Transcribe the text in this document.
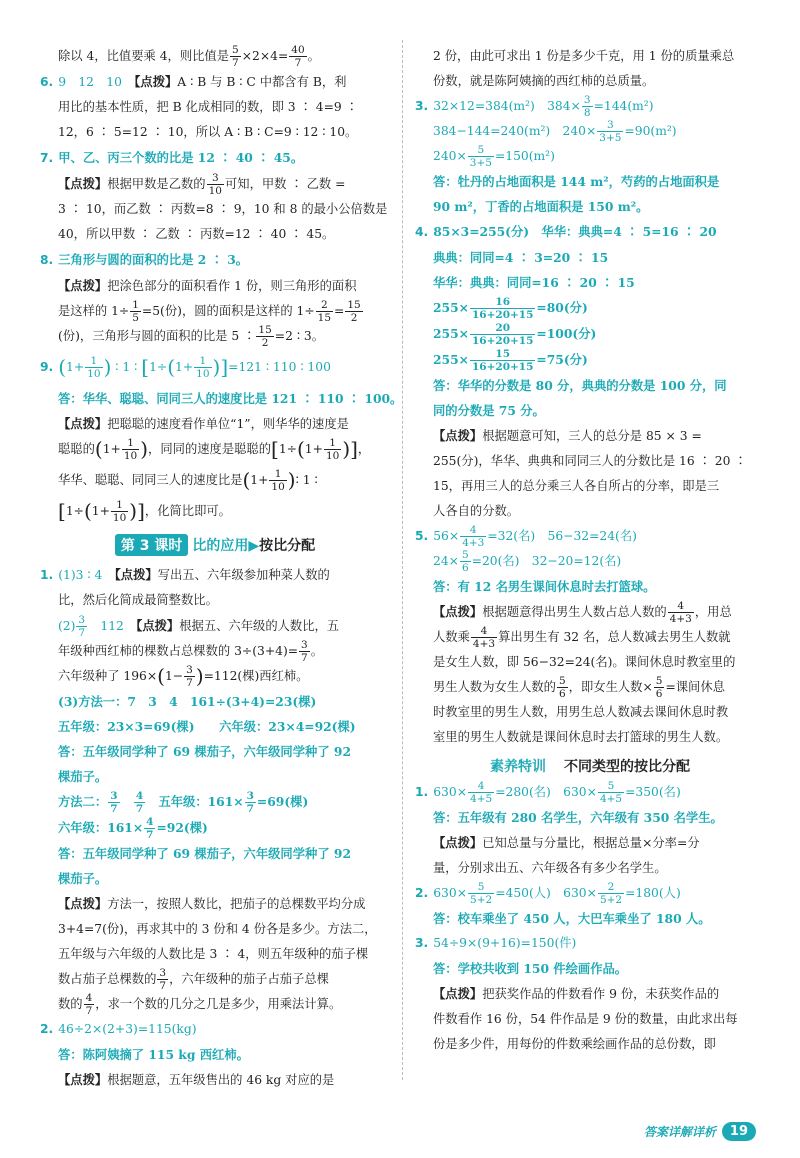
除以 4，比值要乘 4，则比值是 $\frac{5}{7} \times 2\times 4= \frac{40}{7}$ 。

6. 9　12　10　【点拨】A ∶ B 与 B ∶ C 中都含有 B，利

用比的基本性质，把 B 化成相同的数，即 3 ∶ 4=9 ∶

12，6 ∶ 5=12 ∶ 10，所以 A ∶ B ∶ C=9 ∶ 12 ∶ 10。

7. 甲、乙、丙三个数的比是 12 ∶ 40 ∶ 45。

【点拨】根据甲数是乙数的 $\frac{3}{10}$ 可知，甲数 ∶ 乙数 =

3 ∶ 10，而乙数 ∶ 丙数=8 ∶ 9，10 和 8 的最小公倍数是

40，所以甲数 ∶ 乙数 ∶ 丙数=12 ∶ 40 ∶ 45。

8. 三角形与圆的面积的比是 2 ∶ 3。

【点拨】把涂色部分的面积看作 1 份，则三角形的面积

是这样的 $1\div \frac{1}{5} =5$(份)，圆的面积是这样的 $1\div \frac{2}{15} = \frac{15}{2}$

(份)，三角形与圆的面积的比是 5 ∶ $\frac{15}{2} =2$ ∶ 3。

9. ($1+ \frac{1}{10}$ ) ∶ 1 ∶ $[1\div(1+ \frac{1}{10} )]=121$ ∶ 110 ∶ 100

答：华华、聪聪、同同三人的速度比是 121 ∶ 110 ∶ 100。

【点拨】把聪聪的速度看作单位“1”，则华华的速度是

聪聪的($1+ \frac{1}{10}$ )，同同的速度是聪聪的[$1\div(1+ \frac{1}{10}$ )]，

华华、聪聪、同同三人的速度比是($1+ \frac{1}{10}$ )∶ 1 ∶

[$1\div(1+ \frac{1}{10}$ )]，化简比即可。

第 3 课时 比的应用▶按比分配

1. (1)3 ∶ 4　【点拨】写出五、六年级参加种菜人数的

比，然后化简成最简整数比。

$(2) \frac{3}{7}$ 　112　【点拨】根据五、六年级的人数比，五

年级种西红柿的棵数占总棵数的 $3\div(3+4)= \frac{3}{7}$ 。

六年级种了 $196\times(1- \frac{3}{7} )=112$(棵)西红柿。

(3)方法一：7　3　4　161÷(3+4)=23(棵)

五年级：23×3=69(棵)　　六年级：23×4=92(棵)

答：五年级同学种了 69 棵茄子，六年级同学种了 92

棵茄子。

方法二： $\frac{3}{7}$
　 $\frac{4}{7}$ 　五年级：$161\times \frac{3}{7} =69$(棵)

六年级：$161\times \frac{4}{7} =92$(棵)

答：五年级同学种了 69 棵茄子，六年级同学种了 92

棵茄子。

【点拨】方法一，按照人数比，把茄子的总棵数平均分成

3+4=7(份)，再求其中的 3 份和 4 份各是多少。方法二，

五年级与六年级的人数比是 3 ∶ 4，则五年级种的茄子棵

数占茄子总棵数的 $\frac{3}{7}$ ，六年级种的茄子占茄子总棵

数的 $\frac{4}{7}$ ，求一个数的几分之几是多少，用乘法计算。

2. 46÷2×(2+3)=115(kg)

答：陈阿姨摘了 115 kg 西红柿。

【点拨】根据题意，五年级售出的 46 kg 对应的是

2 份，由此可求出 1 份是多少千克，用 1 份的质量乘总

份数，就是陈阿姨摘的西红柿的总质量。

3. 32×12=384(m²)　$384\times \frac{3}{8} =144(m^2)$

384−144=240(m²)　$240\times \frac{3}{3+5} =90(m^2)$

$240\times \frac{5}{3+5} =150(m^2)$

答：牡丹的占地面积是 144 m²，芍药的占地面积是

90 m²，丁香的占地面积是 150 m²。

4. 85×3=255(分)　华华：典典=4 ∶ 5=16 ∶ 20

典典：同同=4 ∶ 3=20 ∶ 15

华华：典典：同同=16 ∶ 20 ∶ 15

$255\times \frac{16}{16+20+15} =80$(分)

$255\times \frac{20}{16+20+15} =100$(分)

$255\times \frac{15}{16+20+15} =75$(分)

答：华华的分数是 80 分，典典的分数是 100 分，同

同的分数是 75 分。

【点拨】根据题意可知，三人的总分是 85 × 3 =

255(分)，华华、典典和同同三人的分数比是 16 ∶ 20 ∶

15，再用三人的总分乘三人各自所占的分率，即是三

人各自的分数。

5. $56\times \frac{4}{4+3} =32$(名)　56−32=24(名)

$24\times \frac{5}{6} =20$(名)　32−20=12(名)

答：有 12 名男生课间休息时去打篮球。

【点拨】根据题意得出男生人数占总人数的 $\frac{4}{4+3}$ ，用总

人数乘 $\frac{4}{4+3}$ 算出男生有 32 名，总人数减去男生人数就

是女生人数，即 56−32=24(名)。课间休息时教室里的

男生人数为女生人数的 $\frac{5}{6}$ ，即女生人数× $\frac{5}{6}$ =课间休息

时教室里的男生人数，用男生总人数减去课间休息时教

室里的男生人数就是课间休息时去打篮球的男生人数。

素养特训 不同类型的按比分配

1. $630\times \frac{4}{4+5} =280$(名)　$630\times \frac{5}{4+5} =350$(名)

答：五年级有 280 名学生，六年级有 350 名学生。

【点拨】已知总量与分量比，根据总量×分率=分

量，分别求出五、六年级各有多少名学生。

2. $630\times \frac{5}{5+2} =450$(人)　$630\times \frac{2}{5+2} =180$(人)

答：校车乘坐了 450 人，大巴车乘坐了 180 人。

3. 54÷9×(9+16)=150(件)

答：学校共收到 150 件绘画作品。

【点拨】把获奖作品的件数看作 9 份，未获奖作品的

件数看作 16 份，54 件作品是 9 份的数量，由此求出每

份是多少件，用每份的件数乘绘画作品的总份数，即

答案详解详析	19
